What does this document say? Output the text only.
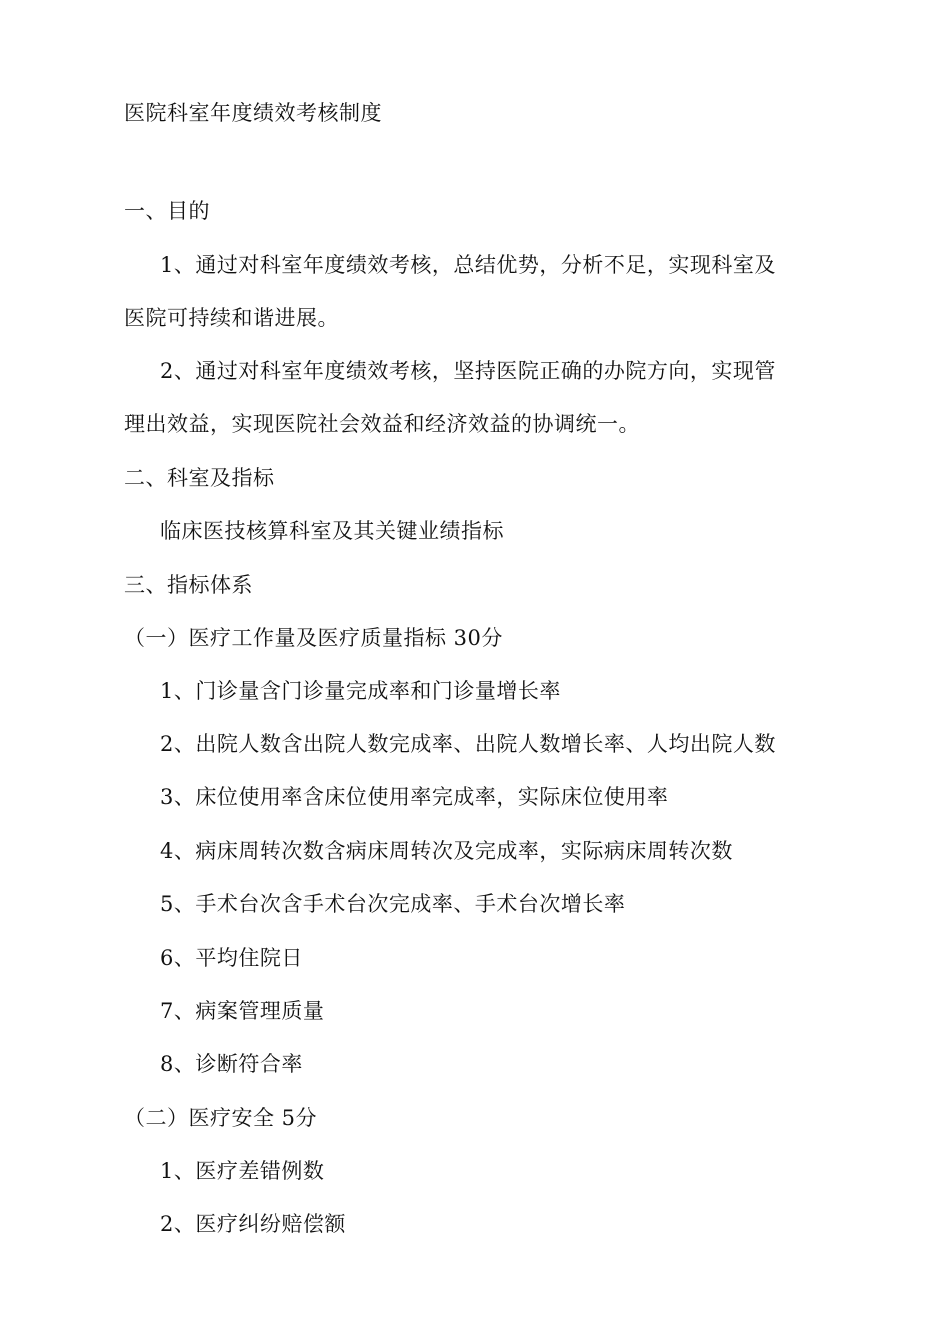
医院科室年度绩效考核制度
一、目的
1、通过对科室年度绩效考核，总结优势，分析不足，实现科室及
医院可持续和谐进展。
2、通过对科室年度绩效考核，坚持医院正确的办院方向，实现管
理出效益，实现医院社会效益和经济效益的协调统一。
二、科室及指标
临床医技核算科室及其关键业绩指标
三、指标体系
（一）医疗工作量及医疗质量指标 30分
1、门诊量含门诊量完成率和门诊量增长率
2、出院人数含出院人数完成率、出院人数增长率、人均出院人数
3、床位使用率含床位使用率完成率，实际床位使用率
4、病床周转次数含病床周转次及完成率，实际病床周转次数
5、手术台次含手术台次完成率、手术台次增长率
6、平均住院日
7、病案管理质量
8、诊断符合率
（二）医疗安全 5分
1、医疗差错例数
2、医疗纠纷赔偿额
